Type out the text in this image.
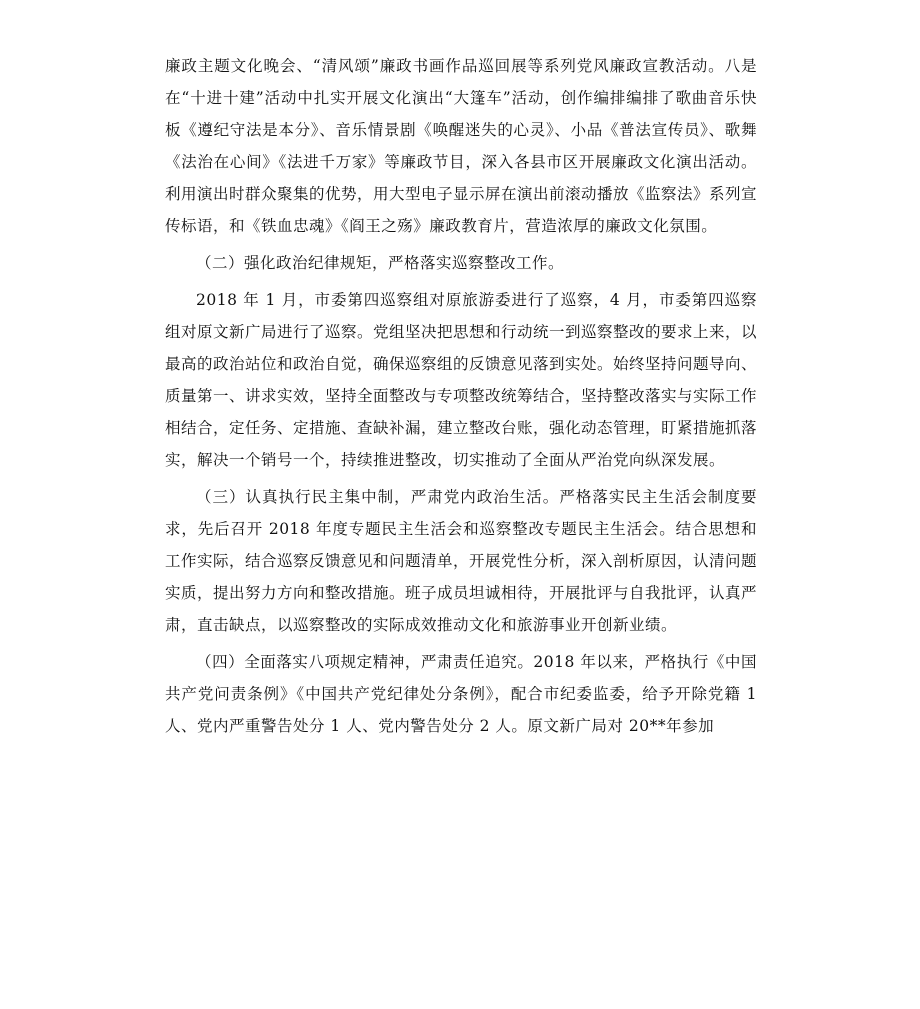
廉政主题文化晚会、“清风颂”廉政书画作品巡回展等系列党风廉政宣教活动。八是在“十进十建”活动中扎实开展文化演出“大篷车”活动，创作编排编排了歌曲音乐快板《遵纪守法是本分》、音乐情景剧《唤醒迷失的心灵》、小品《普法宣传员》、歌舞《法治在心间》《法进千万家》等廉政节目，深入各县市区开展廉政文化演出活动。利用演出时群众聚集的优势，用大型电子显示屏在演出前滚动播放《监察法》系列宣传标语，和《铁血忠魂》《阎王之殇》廉政教育片，营造浓厚的廉政文化氛围。

（二）强化政治纪律规矩，严格落实巡察整改工作。

2018 年 1 月，市委第四巡察组对原旅游委进行了巡察，4 月，市委第四巡察组对原文新广局进行了巡察。党组坚决把思想和行动统一到巡察整改的要求上来，以最高的政治站位和政治自觉，确保巡察组的反馈意见落到实处。始终坚持问题导向、质量第一、讲求实效，坚持全面整改与专项整改统筹结合，坚持整改落实与实际工作相结合，定任务、定措施、查缺补漏，建立整改台账，强化动态管理，盯紧措施抓落实，解决一个销号一个，持续推进整改，切实推动了全面从严治党向纵深发展。

（三）认真执行民主集中制，严肃党内政治生活。严格落实民主生活会制度要求，先后召开 2018 年度专题民主生活会和巡察整改专题民主生活会。结合思想和工作实际，结合巡察反馈意见和问题清单，开展党性分析，深入剖析原因，认清问题实质，提出努力方向和整改措施。班子成员坦诚相待，开展批评与自我批评，认真严肃，直击缺点，以巡察整改的实际成效推动文化和旅游事业开创新业绩。

（四）全面落实八项规定精神，严肃责任追究。2018 年以来，严格执行《中国共产党问责条例》《中国共产党纪律处分条例》，配合市纪委监委，给予开除党籍 1 人、党内严重警告处分 1 人、党内警告处分 2 人。原文新广局对 20**年参加
